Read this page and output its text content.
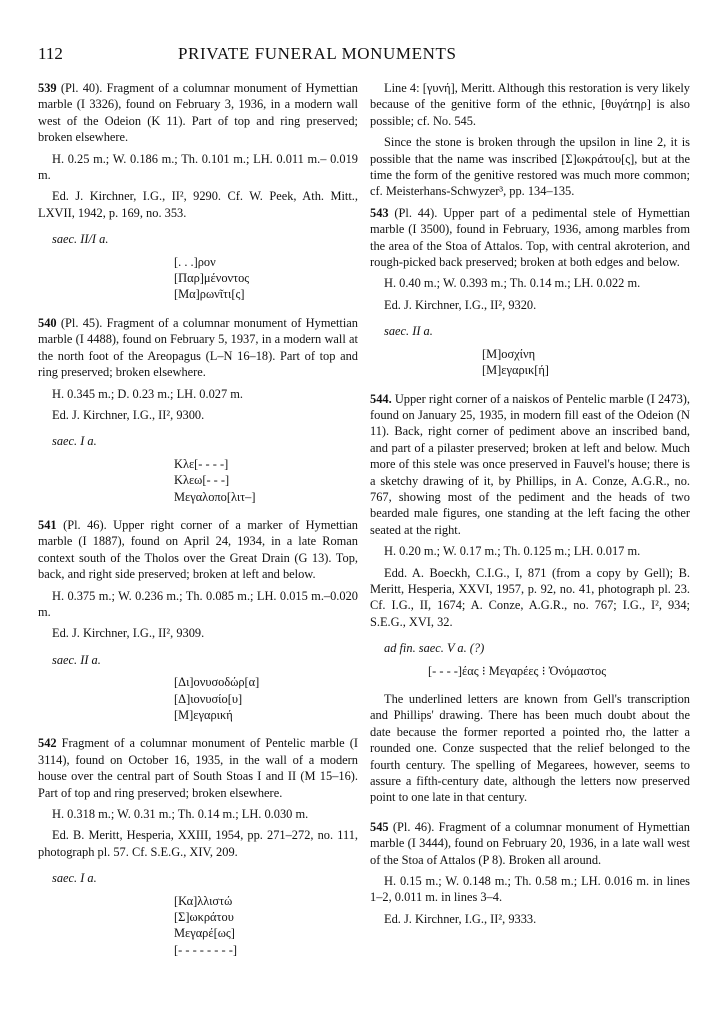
112	PRIVATE FUNERAL MONUMENTS

539 (Pl. 40). Fragment of a columnar monument of Hymettian marble (I 3326), found on February 3, 1936, in a modern wall west of the Odeion (K 11). Part of top and ring preserved; broken elsewhere.

H. 0.25 m.; W. 0.186 m.; Th. 0.101 m.; LH. 0.011 m.– 0.019 m.

Ed. J. Kirchner, I.G., II², 9290. Cf. W. Peek, Ath. Mitt., LXVII, 1942, p. 169, no. 353.

saec. II/I a.
[. . .]ρον
[Παρ]μένοντος
[Μα]ρωνῖτι[ς]

540 (Pl. 45). Fragment of a columnar monument of Hymettian marble (I 4488), found on February 5, 1937, in a modern wall at the north foot of the Areopagus (L–N 16–18). Part of top and ring preserved; broken elsewhere.

H. 0.345 m.; D. 0.23 m.; LH. 0.027 m.

Ed. J. Kirchner, I.G., II², 9300.

saec. I a.
Κλε[- - - -]
Κλεω[- - -]
Μεγαλοπο[λιτ–]

541 (Pl. 46). Upper right corner of a marker of Hymettian marble (I 1887), found on April 24, 1934, in a late Roman context south of the Tholos over the Great Drain (G 13). Top, back, and right side preserved; broken at left and below.

H. 0.375 m.; W. 0.236 m.; Th. 0.085 m.; LH. 0.015 m.–0.020 m.

Ed. J. Kirchner, I.G., II², 9309.

saec. II a.
[Δι]ονυσοδώρ[α]
[Δ]ιονυσίο[υ]
[Μ]εγαρική

542 Fragment of a columnar monument of Pentelic marble (I 3114), found on October 16, 1935, in the wall of a modern house over the central part of South Stoas I and II (M 15–16). Part of top and ring preserved; broken elsewhere.

H. 0.318 m.; W. 0.31 m.; Th. 0.14 m.; LH. 0.030 m.

Ed. B. Meritt, Hesperia, XXIII, 1954, pp. 271–272, no. 111, photograph pl. 57. Cf. S.E.G., XIV, 209.

saec. I a.
[Κα]λλιστώ
[Σ]ωκράτου
Μεγαρέ[ως]
[- - - - - - - -]

Line 4: [γυνή], Meritt. Although this restoration is very likely because of the genitive form of the ethnic, [θυγάτηρ] is also possible; cf. No. 545.

Since the stone is broken through the upsilon in line 2, it is possible that the name was inscribed [Σ]ωκράτου[ς], but at the time the form of the genitive restored was much more common; cf. Meisterhans-Schwyzer³, pp. 134–135.

543 (Pl. 44). Upper part of a pedimental stele of Hymettian marble (I 3500), found in February, 1936, among marbles from the area of the Stoa of Attalos. Top, with central akroterion, and rough-picked back preserved; broken at both edges and below.

H. 0.40 m.; W. 0.393 m.; Th. 0.14 m.; LH. 0.022 m.

Ed. J. Kirchner, I.G., II², 9320.

saec. II a.
[Μ]οσχίνη
[Μ]εγαρικ[ή]

544. Upper right corner of a naiskos of Pentelic marble (I 2473), found on January 25, 1935, in modern fill east of the Odeion (N 11). Back, right corner of pediment above an inscribed band, and part of a pilaster preserved; broken at left and below. Much more of this stele was once preserved in Fauvel's house; there is a sketchy drawing of it, by Phillips, in A. Conze, A.G.R., no. 767, showing most of the pediment and the heads of two bearded male figures, one standing at the left facing the other seated at the right.

H. 0.20 m.; W. 0.17 m.; Th. 0.125 m.; LH. 0.017 m.

Edd. A. Boeckh, C.I.G., I, 871 (from a copy by Gell); B. Meritt, Hesperia, XXVI, 1957, p. 92, no. 41, photograph pl. 23. Cf. I.G., II, 1674; A. Conze, A.G.R., no. 767; I.G., I², 934; S.E.G., XVI, 32.

ad fin. saec. V a. (?)
[- - - -]έας ⁝ Μεγαρέες ⁝ Ὀνόμαστος

The underlined letters are known from Gell's transcription and Phillips' drawing. There has been much doubt about the date because the former reported a pointed rho, the latter a rounded one. Conze suspected that the relief belonged to the fourth century. The spelling of Megarees, however, seems to assure a fifth-century date, although the letters now preserved point to one late in that century.

545 (Pl. 46). Fragment of a columnar monument of Hymettian marble (I 3444), found on February 20, 1936, in a late wall west of the Stoa of Attalos (P 8). Broken all around.

H. 0.15 m.; W. 0.148 m.; Th. 0.58 m.; LH. 0.016 m. in lines 1–2, 0.011 m. in lines 3–4.

Ed. J. Kirchner, I.G., II², 9333.
